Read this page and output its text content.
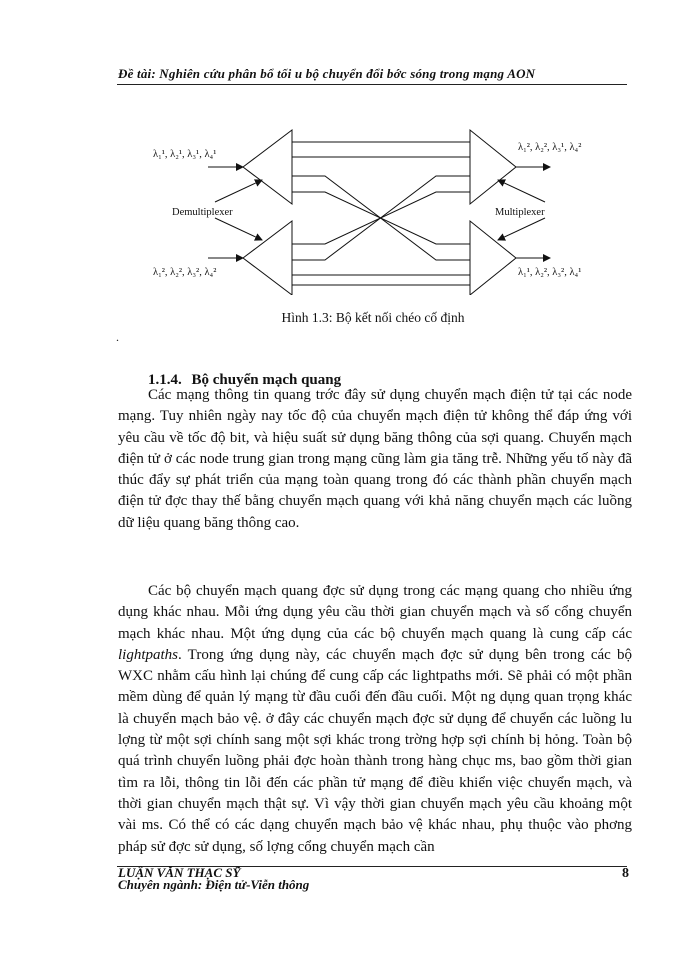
Đề tài: Nghiên cứu phân bổ tối u bộ chuyển đổi bớc sóng trong mạng AON
λ₁¹, λ₂¹, λ₃¹, λ₄¹
λ₁², λ₂², λ₃², λ₄²
λ₁², λ₂², λ₃¹, λ₄²
λ₁¹, λ₂², λ₃², λ₄¹
Demultiplexer	Multiplexer
Hình 1.3: Bộ kết nối chéo cố định
.
1.1.4. Bộ chuyển mạch quang

Các mạng thông tin quang trớc đây sử dụng chuyển mạch điện tử tại các node mạng. Tuy nhiên ngày nay tốc độ của chuyển mạch điện tử không thể đáp ứng với yêu cầu về tốc độ bit, và hiệu suất sử dụng băng thông của sợi quang. Chuyển mạch điện tử ở các node trung gian trong mạng cũng làm gia tăng trễ. Những yếu tố này đã thúc đẩy sự phát triển của mạng toàn quang trong đó các thành phần chuyển mạch điện tử đợc thay thế bằng chuyển mạch quang với khả năng chuyển mạch các luồng dữ liệu quang băng thông cao.

Các bộ chuyển mạch quang đợc sử dụng trong các mạng quang cho nhiều ứng dụng khác nhau. Mỗi ứng dụng yêu cầu thời gian chuyển mạch và số cổng chuyển mạch khác nhau. Một ứng dụng của các bộ chuyển mạch quang là cung cấp các lightpaths. Trong ứng dụng này, các chuyển mạch đợc sử dụng bên trong các bộ WXC nhằm cấu hình lại chúng để cung cấp các lightpaths mới. Sẽ phải có một phần mềm dùng để quản lý mạng từ đầu cuối đến đầu cuối. Một ng dụng quan trọng khác là chuyển mạch bảo vệ. ở đây các chuyển mạch đợc sử dụng để chuyển các luồng lu lợng từ một sợi chính sang một sợi khác trong trờng hợp sợi chính bị hỏng. Toàn bộ quá trình chuyển luồng phải đợc hoàn thành trong hàng chục ms, bao gồm thời gian tìm ra lỗi, thông tin lỗi đến các phần tử mạng để điều khiển việc chuyển mạch, và thời gian chuyển mạch thật sự. Vì vậy thời gian chuyển mạch yêu cầu khoảng một vài ms. Có thể có các dạng chuyển mạch bảo vệ khác nhau, phụ thuộc vào phơng pháp sử đợc sử dụng, số lợng cổng chuyển mạch cần

LUẬN VĂN THẠC SỸ
Chuyên ngành: Điện tử-Viễn thông
8
